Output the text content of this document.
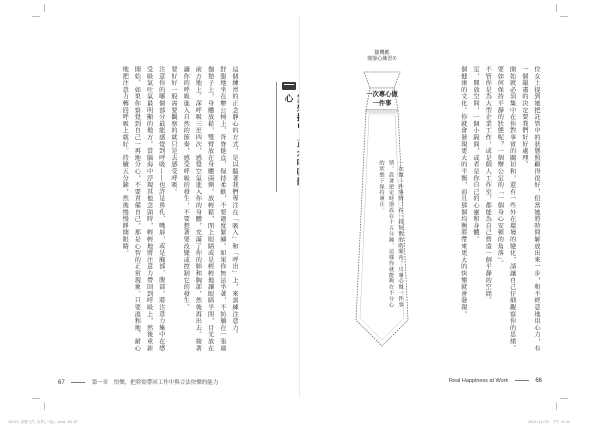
這個練習的正念靜心的方式，是以隨著我們專注在「吸入」和「呼出」上，來訓練注意力。

舒服地坐在辦公椅上，背脊挺直，保持柔軟，不要過度緊繃。如果你無法坐著，不妨躺在一張瑜伽墊子上，身體放鬆，雙臂放在身體兩側。放輕鬆，閉上眼睛或是輕輕地讓眼睛半閉，目光放在前方地上。深呼吸三至四次，感覺空氣進入你的身體，充滿了你的肺和胸部，然後再出去。接著讓你的呼吸進入自然的節奏，感受呼吸的發生，不要想著要改變或控制它的發生。

要好好一般需要觀察的就只是去感受呼吸。

注意你的哪個部分最能感覺到呼吸——也許是鼻孔、嘴唇，或是胸部、腹部。將注意力集中在感受吸氣吐氣最明顯的地方。當腦海中浮現其他念頭時，輕輕地將注意力帶回到呼吸上，然後重新開始。如果你察覺到自己一再地分心，不要責備自己，那是心智的正常現象。只要溫和地、耐心地把注意力轉回呼吸上就好。持續五分鐘，然後慢慢睜開眼睛。

67	第一章　悟樂，把幹勁帶回工作中與合法快樂的能力
　心	位女士提到她把託管中的狀態照顧得很好，但當她將時間解放出來一步，和不經意地用心力，有一個嚴肅的決定要我們好好處理。

開始就必須集中在你對事實的關切和，還有一些外在環境的變化，請讓自己仔細觀察你的思緒。

要如何保持平靜的狀態呢？一個辦公室的「一個身心安頓的角落」。

不管你是為大型企業工作，或是個人工作室，都能為自己營造一個平靜的空間。

室，開放空間，一個小隔間，或者是你自己的心靈和身體。

個健康的文化。你就會發現更大的平衡，而且那個均衡將帶來更大的快樂就會發現。

Real Happiness at Work	66
隨機應
變靜心練習①
一次專心做
一件事
一次做一件事情！在一段短暫的時間內，只專心做一件事情。設著把定時器設在十五分鐘，這樣你就能夠在不分心的狀態下保持專注。
15113_悟樂工作_內頁(二校).indd 66-67	2013/11/21　下午 6:42
